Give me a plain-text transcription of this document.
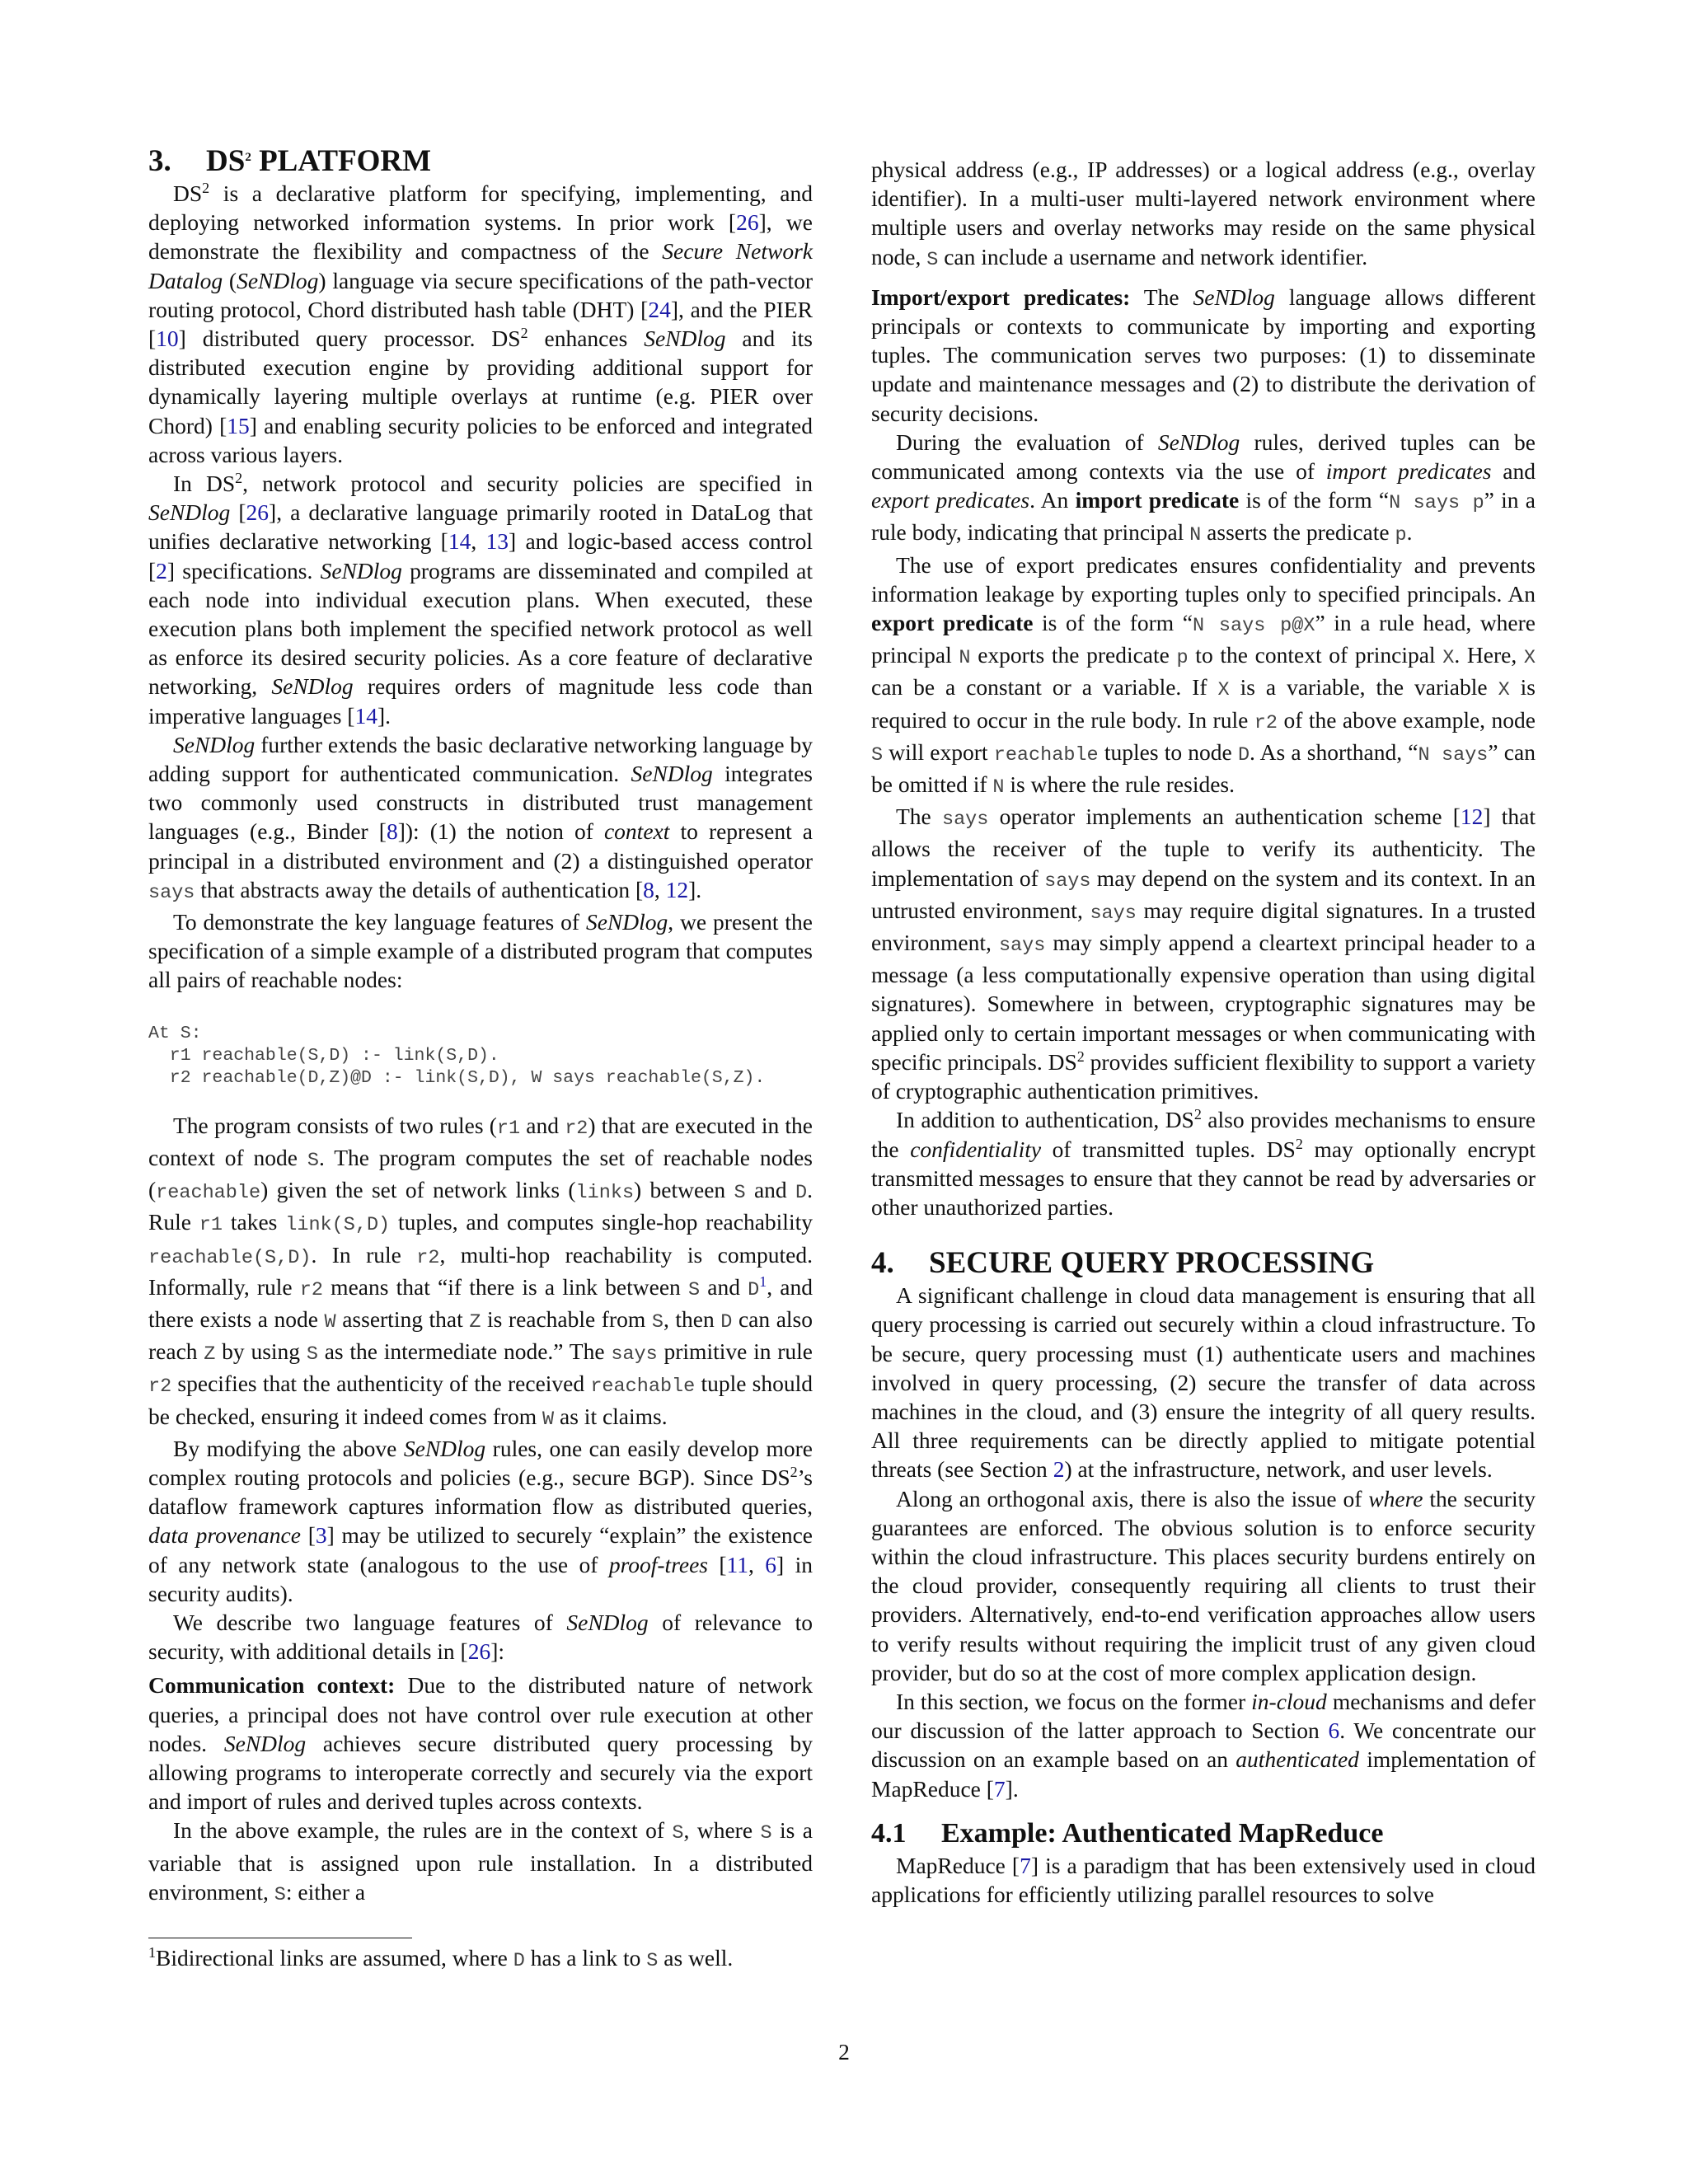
3. $DS^2$ PLATFORM

$DS^2$ is a declarative platform for specifying, implementing, and deploying networked information systems. In prior work [26], we demonstrate the flexibility and compactness of the Secure Network Datalog (SeNDlog) language via secure specifications of the path-vector routing protocol, Chord distributed hash table (DHT) [24], and the PIER [10] distributed query processor. $DS^2$ enhances SeNDlog and its distributed execution engine by providing additional support for dynamically layering multiple overlays at runtime (e.g. PIER over Chord) [15] and enabling security policies to be enforced and integrated across various layers.

In $DS^2$, network protocol and security policies are specified in SeNDlog [26], a declarative language primarily rooted in DataLog that unifies declarative networking [14, 13] and logic-based access control [2] specifications. SeNDlog programs are disseminated and compiled at each node into individual execution plans. When executed, these execution plans both implement the specified network protocol as well as enforce its desired security policies. As a core feature of declarative networking, SeNDlog requires orders of magnitude less code than imperative languages [14].

SeNDlog further extends the basic declarative networking language by adding support for authenticated communication. SeNDlog integrates two commonly used constructs in distributed trust management languages (e.g., Binder [8]): (1) the notion of context to represent a principal in a distributed environment and (2) a distinguished operator says that abstracts away the details of authentication [8, 12].

To demonstrate the key language features of SeNDlog, we present the specification of a simple example of a distributed program that computes all pairs of reachable nodes:

At S:
r1 reachable(S,D) :- link(S,D).
r2 reachable(D,Z)@D :- link(S,D), W says reachable(S,Z).

The program consists of two rules (r1 and r2) that are executed in the context of node S. The program computes the set of reachable nodes (reachable) given the set of network links (links) between S and D. Rule r1 takes link(S,D) tuples, and computes single-hop reachability reachable(S,D). In rule r2, multi-hop reachability is computed. Informally, rule r2 means that “if there is a link between S and $D^1$, and there exists a node W asserting that Z is reachable from S, then D can also reach Z by using S as the intermediate node.” The says primitive in rule r2 specifies that the authenticity of the received reachable tuple should be checked, ensuring it indeed comes from W as it claims.

By modifying the above SeNDlog rules, one can easily develop more complex routing protocols and policies (e.g., secure BGP). Since $DS^2’s$ dataflow framework captures information flow as distributed queries, data provenance [3] may be utilized to securely “explain” the existence of any network state (analogous to the use of proof-trees [11, 6] in security audits).

We describe two language features of SeNDlog of relevance to security, with additional details in [26]:

Communication context: Due to the distributed nature of network queries, a principal does not have control over rule execution at other nodes. SeNDlog achieves secure distributed query processing by allowing programs to interoperate correctly and securely via the export and import of rules and derived tuples across contexts.

In the above example, the rules are in the context of S, where S is a variable that is assigned upon rule installation. In a distributed environment, S: either a

$^1$Bidirectional links are assumed, where D has a link to S as well.

physical address (e.g., IP addresses) or a logical address (e.g., overlay identifier). In a multi-user multi-layered network environment where multiple users and overlay networks may reside on the same physical node, S can include a username and network identifier.

Import/export predicates: The SeNDlog language allows different principals or contexts to communicate by importing and exporting tuples. The communication serves two purposes: (1) to disseminate update and maintenance messages and (2) to distribute the derivation of security decisions.

During the evaluation of SeNDlog rules, derived tuples can be communicated among contexts via the use of import predicates and export predicates. An import predicate is of the form “N says p” in a rule body, indicating that principal N asserts the predicate p.

The use of export predicates ensures confidentiality and prevents information leakage by exporting tuples only to specified principals. An export predicate is of the form “N says p@X” in a rule head, where principal N exports the predicate p to the context of principal X. Here, X can be a constant or a variable. If X is a variable, the variable X is required to occur in the rule body. In rule r2 of the above example, node S will export reachable tuples to node D. As a shorthand, “N says” can be omitted if N is where the rule resides.

The says operator implements an authentication scheme [12] that allows the receiver of the tuple to verify its authenticity. The implementation of says may depend on the system and its context. In an untrusted environment, says may require digital signatures. In a trusted environment, says may simply append a cleartext principal header to a message (a less computationally expensive operation than using digital signatures). Somewhere in between, cryptographic signatures may be applied only to certain important messages or when communicating with specific principals. $DS^2$ provides sufficient flexibility to support a variety of cryptographic authentication primitives.

In addition to authentication, $DS^2$ also provides mechanisms to ensure the confidentiality of transmitted tuples. $DS^2$ may optionally encrypt transmitted messages to ensure that they cannot be read by adversaries or other unauthorized parties.

4. SECURE QUERY PROCESSING

A significant challenge in cloud data management is ensuring that all query processing is carried out securely within a cloud infrastructure. To be secure, query processing must (1) authenticate users and machines involved in query processing, (2) secure the transfer of data across machines in the cloud, and (3) ensure the integrity of all query results. All three requirements can be directly applied to mitigate potential threats (see Section 2) at the infrastructure, network, and user levels.

Along an orthogonal axis, there is also the issue of where the security guarantees are enforced. The obvious solution is to enforce security within the cloud infrastructure. This places security burdens entirely on the cloud provider, consequently requiring all clients to trust their providers. Alternatively, end-to-end verification approaches allow users to verify results without requiring the implicit trust of any given cloud provider, but do so at the cost of more complex application design.

In this section, we focus on the former in-cloud mechanisms and defer our discussion of the latter approach to Section 6. We concentrate our discussion on an example based on an authenticated implementation of MapReduce [7].

4.1 Example: Authenticated MapReduce

MapReduce [7] is a paradigm that has been extensively used in cloud applications for efficiently utilizing parallel resources to solve

2
